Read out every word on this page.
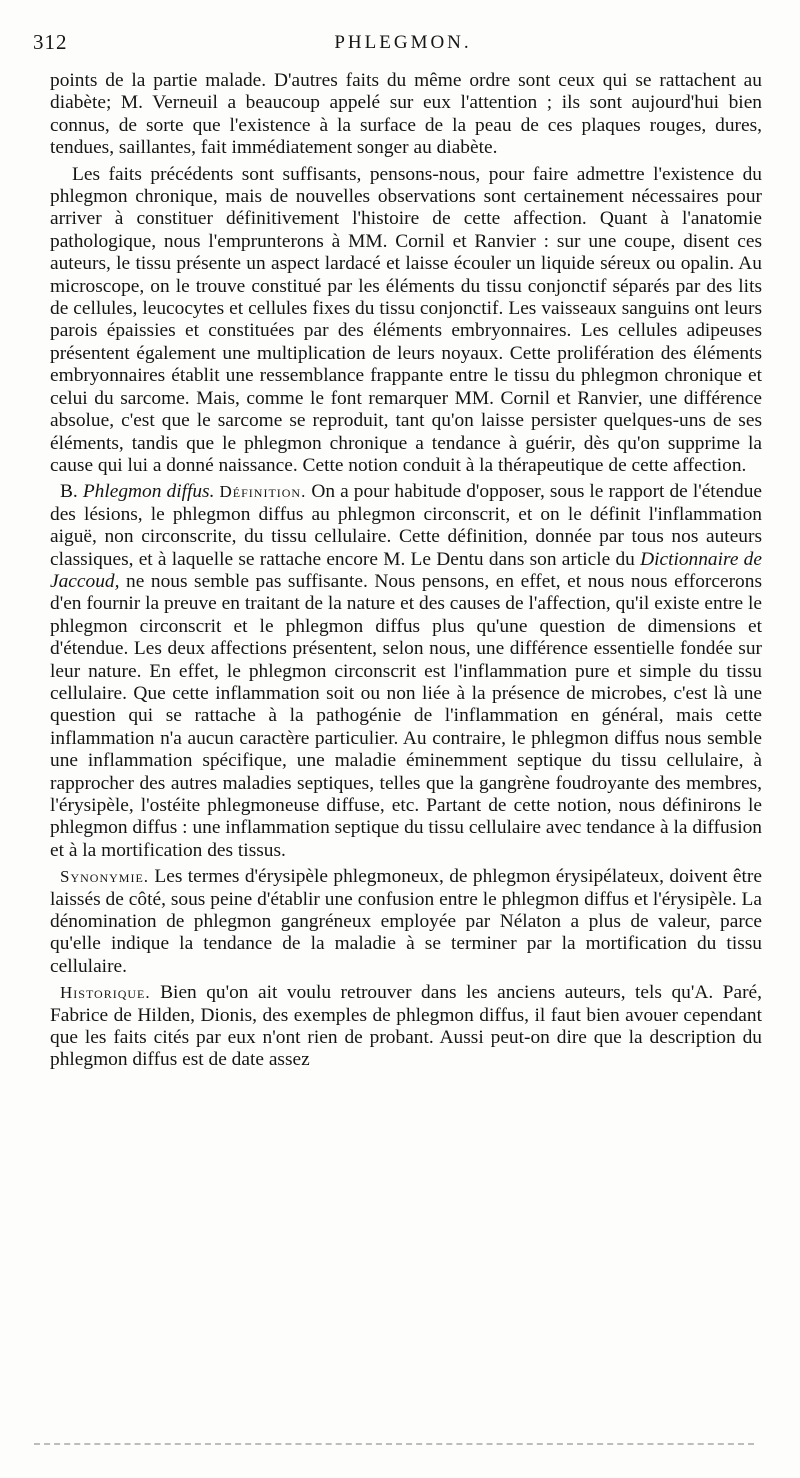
312	PHLEGMON.

points de la partie malade. D'autres faits du même ordre sont ceux qui se rattachent au diabète; M. Verneuil a beaucoup appelé sur eux l'attention ; ils sont aujourd'hui bien connus, de sorte que l'existence à la surface de la peau de ces plaques rouges, dures, tendues, saillantes, fait immédiatement songer au diabète.

Les faits précédents sont suffisants, pensons-nous, pour faire admettre l'existence du phlegmon chronique, mais de nouvelles observations sont certainement nécessaires pour arriver à constituer définitivement l'histoire de cette affection. Quant à l'anatomie pathologique, nous l'emprunterons à MM. Cornil et Ranvier : sur une coupe, disent ces auteurs, le tissu présente un aspect lardacé et laisse écouler un liquide séreux ou opalin. Au microscope, on le trouve constitué par les éléments du tissu conjonctif séparés par des lits de cellules, leucocytes et cellules fixes du tissu conjonctif. Les vaisseaux sanguins ont leurs parois épaissies et constituées par des éléments embryonnaires. Les cellules adipeuses présentent également une multiplication de leurs noyaux. Cette prolifération des éléments embryonnaires établit une ressemblance frappante entre le tissu du phlegmon chronique et celui du sarcome. Mais, comme le font remarquer MM. Cornil et Ranvier, une différence absolue, c'est que le sarcome se reproduit, tant qu'on laisse persister quelques-uns de ses éléments, tandis que le phlegmon chronique a tendance à guérir, dès qu'on supprime la cause qui lui a donné naissance. Cette notion conduit à la thérapeutique de cette affection.

B. Phlegmon diffus. Définition. On a pour habitude d'opposer, sous le rapport de l'étendue des lésions, le phlegmon diffus au phlegmon circonscrit, et on le définit l'inflammation aiguë, non circonscrite, du tissu cellulaire. Cette définition, donnée par tous nos auteurs classiques, et à laquelle se rattache encore M. Le Dentu dans son article du Dictionnaire de Jaccoud, ne nous semble pas suffisante. Nous pensons, en effet, et nous nous efforcerons d'en fournir la preuve en traitant de la nature et des causes de l'affection, qu'il existe entre le phlegmon circonscrit et le phlegmon diffus plus qu'une question de dimensions et d'étendue. Les deux affections présentent, selon nous, une différence essentielle fondée sur leur nature. En effet, le phlegmon circonscrit est l'inflammation pure et simple du tissu cellulaire. Que cette inflammation soit ou non liée à la présence de microbes, c'est là une question qui se rattache à la pathogénie de l'inflammation en général, mais cette inflammation n'a aucun caractère particulier. Au contraire, le phlegmon diffus nous semble une inflammation spécifique, une maladie éminemment septique du tissu cellulaire, à rapprocher des autres maladies septiques, telles que la gangrène foudroyante des membres, l'érysipèle, l'ostéite phlegmoneuse diffuse, etc. Partant de cette notion, nous définirons le phlegmon diffus : une inflammation septique du tissu cellulaire avec tendance à la diffusion et à la mortification des tissus.

Synonymie. Les termes d'érysipèle phlegmoneux, de phlegmon érysipélateux, doivent être laissés de côté, sous peine d'établir une confusion entre le phlegmon diffus et l'érysipèle. La dénomination de phlegmon gangréneux employée par Nélaton a plus de valeur, parce qu'elle indique la tendance de la maladie à se terminer par la mortification du tissu cellulaire.

Historique. Bien qu'on ait voulu retrouver dans les anciens auteurs, tels qu'A. Paré, Fabrice de Hilden, Dionis, des exemples de phlegmon diffus, il faut bien avouer cependant que les faits cités par eux n'ont rien de probant. Aussi peut-on dire que la description du phlegmon diffus est de date assez
